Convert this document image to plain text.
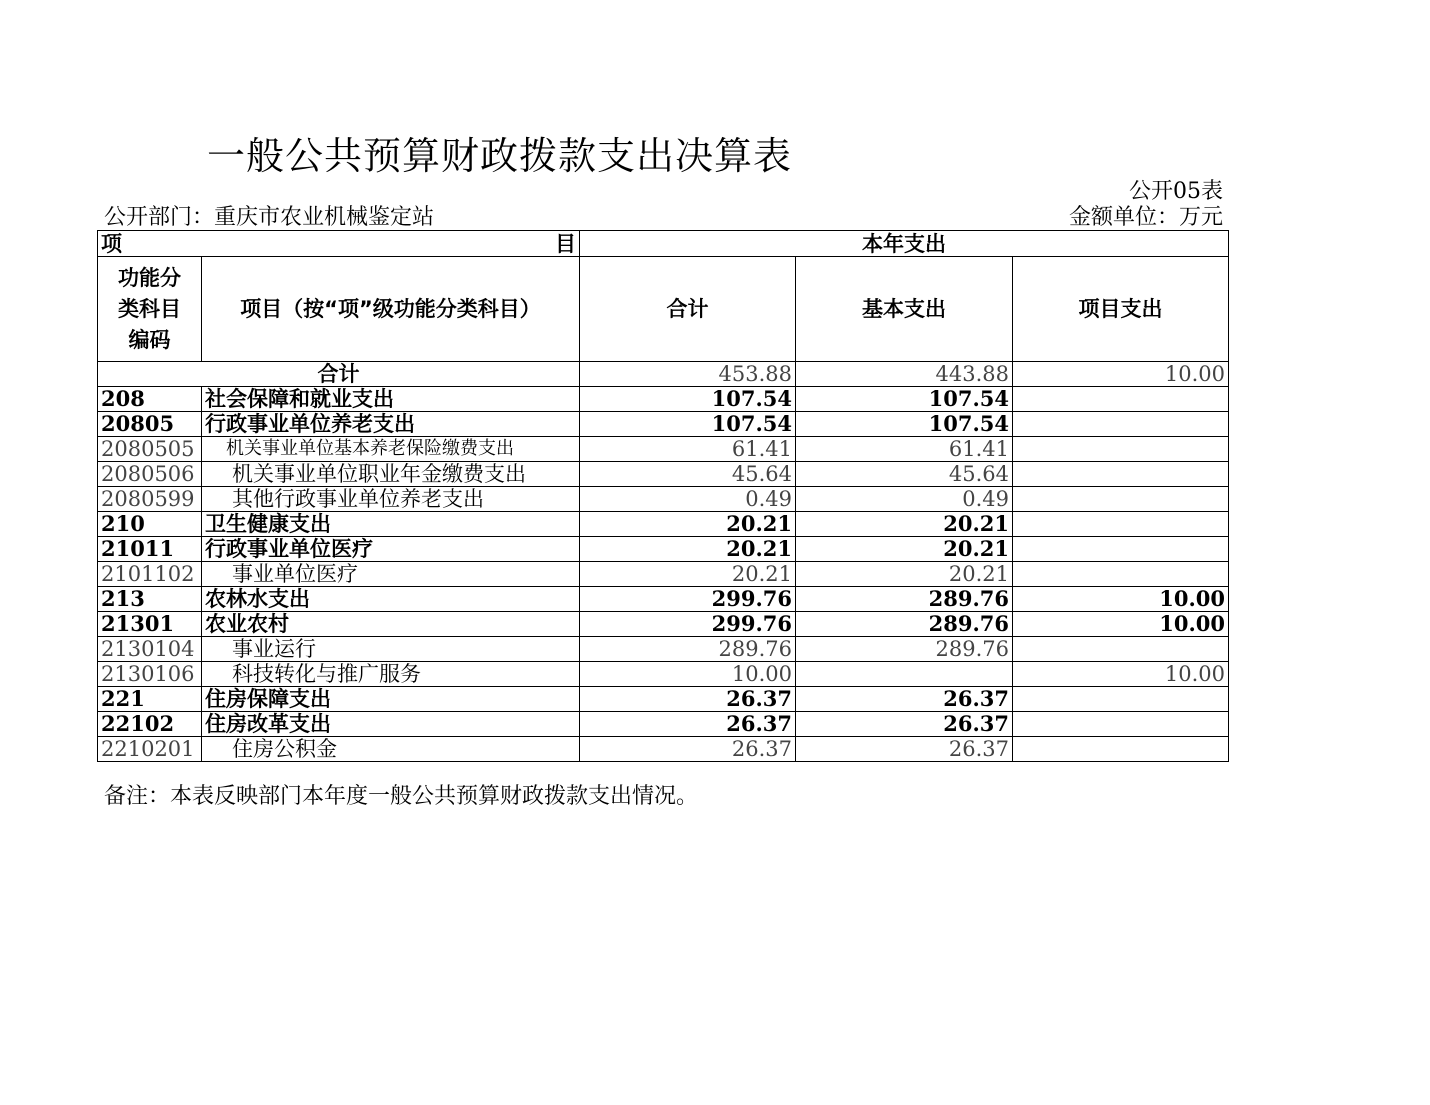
一般公共预算财政拨款支出决算表
公开05表
公开部门：重庆市农业机械鉴定站	金额单位：万元
项 目		本年支出		
功能分类科目编码	项目（按“项”级功能分类科目）	合计	基本支出	项目支出
合计		453.88	443.88	10.00
208	社会保障和就业支出	107.54	107.54	
20805	行政事业单位养老支出	107.54	107.54	
2080505	机关事业单位基本养老保险缴费支出	61.41	61.41	
2080506	机关事业单位职业年金缴费支出	45.64	45.64	
2080599	其他行政事业单位养老支出	0.49	0.49	
210	卫生健康支出	20.21	20.21	
21011	行政事业单位医疗	20.21	20.21	
2101102	事业单位医疗	20.21	20.21	
213	农林水支出	299.76	289.76	10.00
21301	农业农村	299.76	289.76	10.00
2130104	事业运行	289.76	289.76	
2130106	科技转化与推广服务	10.00		10.00
221	住房保障支出	26.37	26.37	
22102	住房改革支出	26.37	26.37	
2210201	住房公积金	26.37	26.37	
备注：本表反映部门本年度一般公共预算财政拨款支出情况。
